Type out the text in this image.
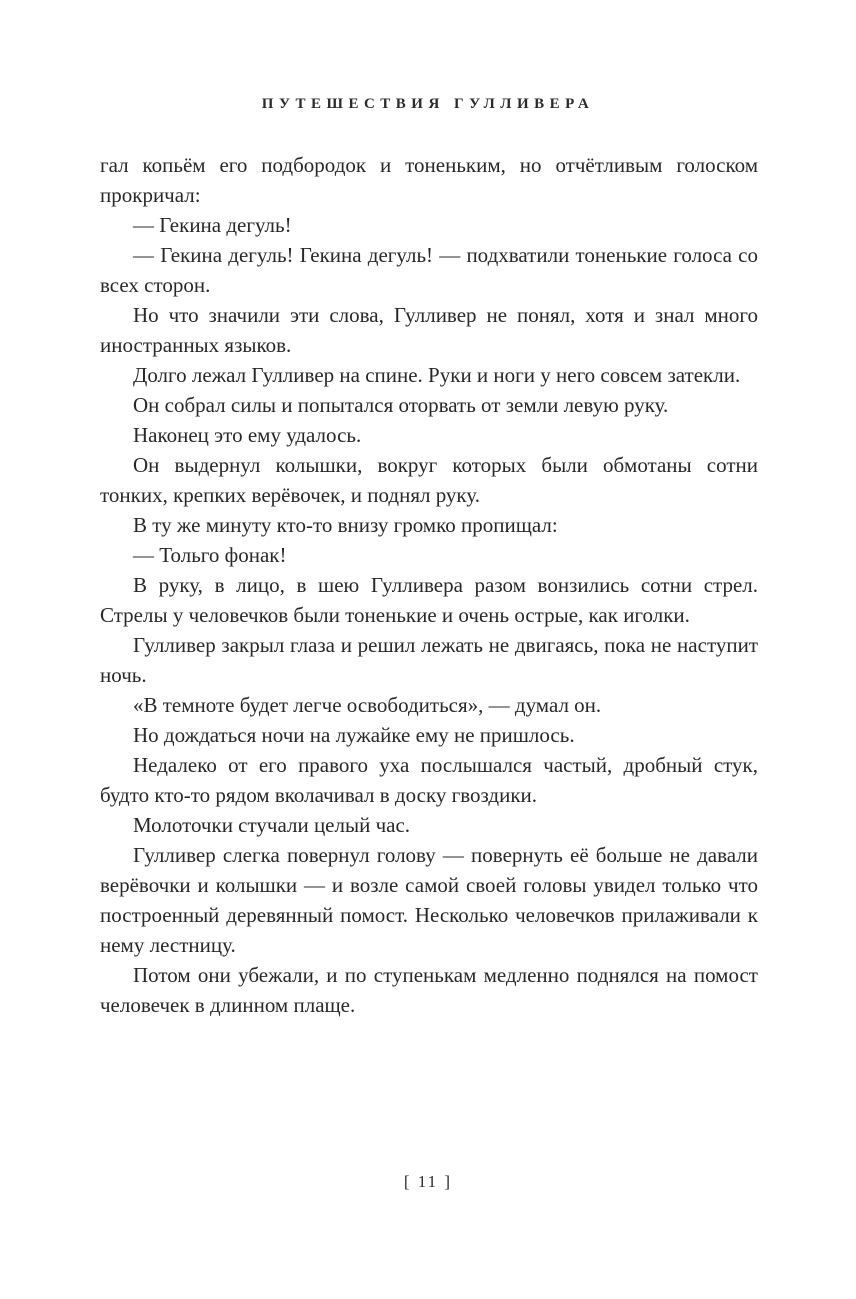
ПУТЕШЕСТВИЯ ГУЛЛИВЕРА

гал копьём его подбородок и тоненьким, но отчётливым голоском прокричал:

— Гекина дегуль!

— Гекина дегуль! Гекина дегуль! — подхватили тоненькие голоса со всех сторон.

Но что значили эти слова, Гулливер не понял, хотя и знал много иностранных языков.

Долго лежал Гулливер на спине. Руки и ноги у него совсем затекли.

Он собрал силы и попытался оторвать от земли левую руку.

Наконец это ему удалось.

Он выдернул колышки, вокруг которых были обмотаны сотни тонких, крепких верёвочек, и поднял руку.

В ту же минуту кто-то внизу громко пропищал:

— Тольго фонак!

В руку, в лицо, в шею Гулливера разом вонзились сотни стрел. Стрелы у человечков были тоненькие и очень острые, как иголки.

Гулливер закрыл глаза и решил лежать не двигаясь, пока не наступит ночь.

«В темноте будет легче освободиться», — думал он.

Но дождаться ночи на лужайке ему не пришлось.

Недалеко от его правого уха послышался частый, дробный стук, будто кто-то рядом вколачивал в доску гвоздики.

Молоточки стучали целый час.

Гулливер слегка повернул голову — повернуть её больше не давали верёвочки и колышки — и возле самой своей головы увидел только что построенный деревянный помост. Несколько человечков прилаживали к нему лестницу.

Потом они убежали, и по ступенькам медленно поднялся на помост человечек в длинном плаще.

[ 11 ]
